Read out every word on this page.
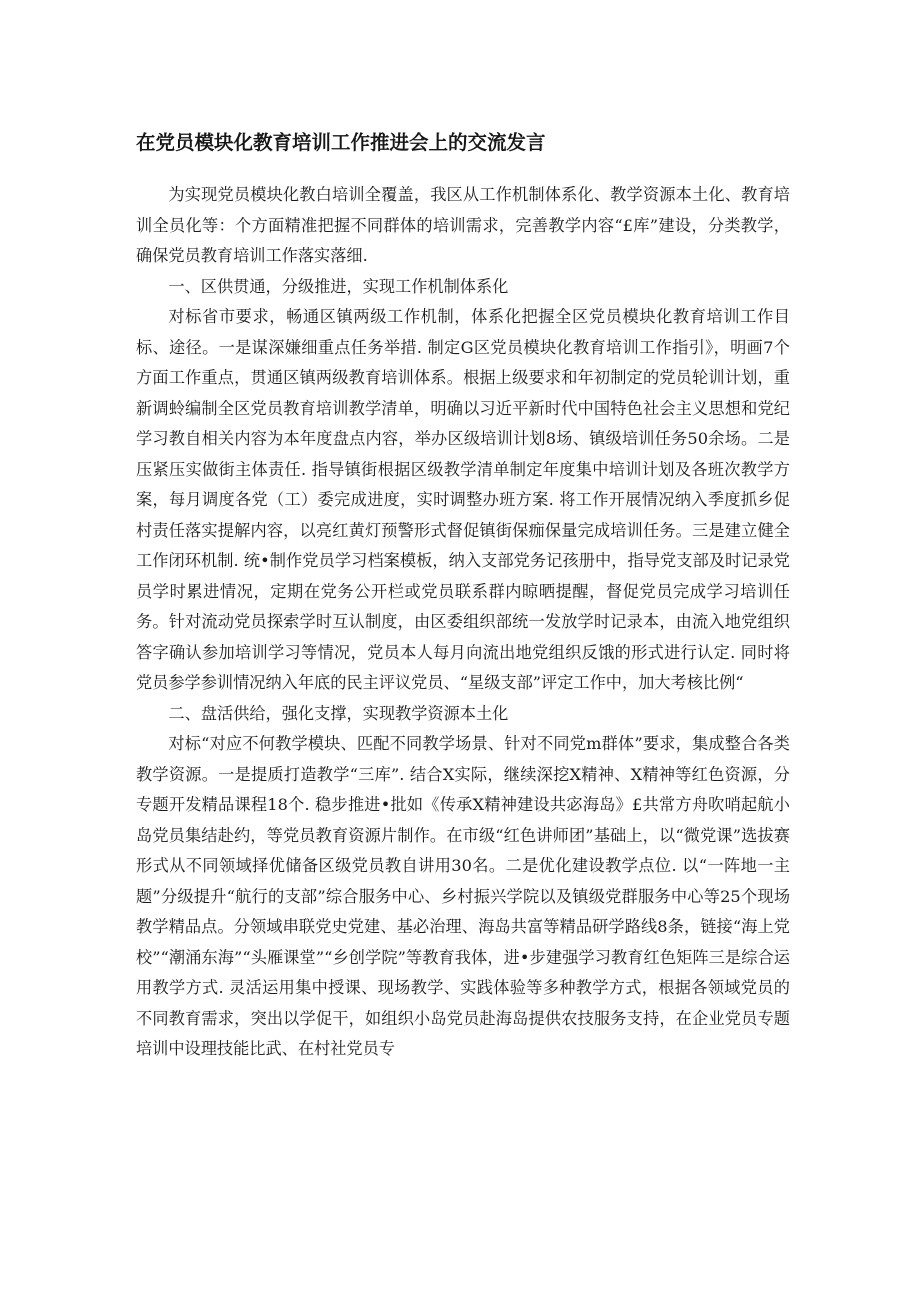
在党员模块化教育培训工作推进会上的交流发言

为实现党员模块化教白培训全覆盖，我区从工作机制体系化、教学资源本土化、教育培训全员化等：个方面精准把握不同群体的培训需求，完善教学内容“£库”建设，分类教学，确保党员教育培训工作落实落细.

一、区供贯通，分级推进，实现工作机制体系化

对标省市要求，畅通区镇两级工作机制，体系化把握全区党员模块化教育培训工作目标、途径。一是谋深嫌细重点任务举措. 制定G区党员模块化教育培训工作指引》，明画7个方面工作重点，贯通区镇两级教育培训体系。根据上级要求和年初制定的党员轮训计划，重新调蛉编制全区党员教育培训教学清单，明确以习近平新时代中国特色社会主义思想和党纪学习教自相关内容为本年度盘点内容，举办区级培训计划8场、镇级培训任务50余场。二是压紧压实做街主体责任. 指导镇街根据区级教学清单制定年度集中培训计划及各班次教学方案，每月调度各党（工）委完成进度，实时调整办班方案. 将工作开展情况纳入季度抓乡促村责任落实提解内容，以亮红黄灯预警形式督促镇街保痂保量完成培训任务。三是建立健全工作闭环机制. 统•制作党员学习档案模板，纳入支部党务记孩册中，指导党支部及时记录党员学时累进情况，定期在党务公开栏或党员联系群内晾晒提醒，督促党员完成学习培训任务。针对流动党员探索学时互认制度，由区委组织部统一发放学时记录本，由流入地党组织答字确认参加培训学习等情况，党员本人每月向流出地党组织反饿的形式进行认定. 同时将党员参学参训情况纳入年底的民主评议党员、“星级支部”评定工作中，加大考核比例“

二、盘活供给，强化支撑，实现教学资源本土化

对标“对应不何教学模块、匹配不同教学场景、针对不同党m群体”要求，集成整合各类教学资源。一是提质打造教学“三库”. 结合X实际，继续深挖X精神、X精神等红色资源，分专题开发精品课程18个. 稳步推进•批如《传承X精神建设共宓海岛》£共常方舟吹哨起航小岛党员集结赴约，等党员教育资源片制作。在市级“红色讲师团”基础上，以“微党课”选拔赛形式从不同领域择优储备区级党员教自讲用30名。二是优化建设教学点位. 以“一阵地一主题”分级提升“航行的支部”综合服务中心、乡村振兴学院以及镇级党群服务中心等25个现场教学精品点。分领域串联党史党建、基必治理、海岛共富等精品研学路线8条，链接“海上党校”“潮涌东海”“头雁课堂”“乡创学院”等教育我体，进•步建强学习教育红色矩阵三是综合运用教学方式. 灵活运用集中授课、现场教学、实践体验等多种教学方式，根据各领域党员的不同教育需求，突出以学促干，如组织小岛党员赴海岛提供农技服务支持，在企业党员专题培训中设理技能比武、在村社党员专
